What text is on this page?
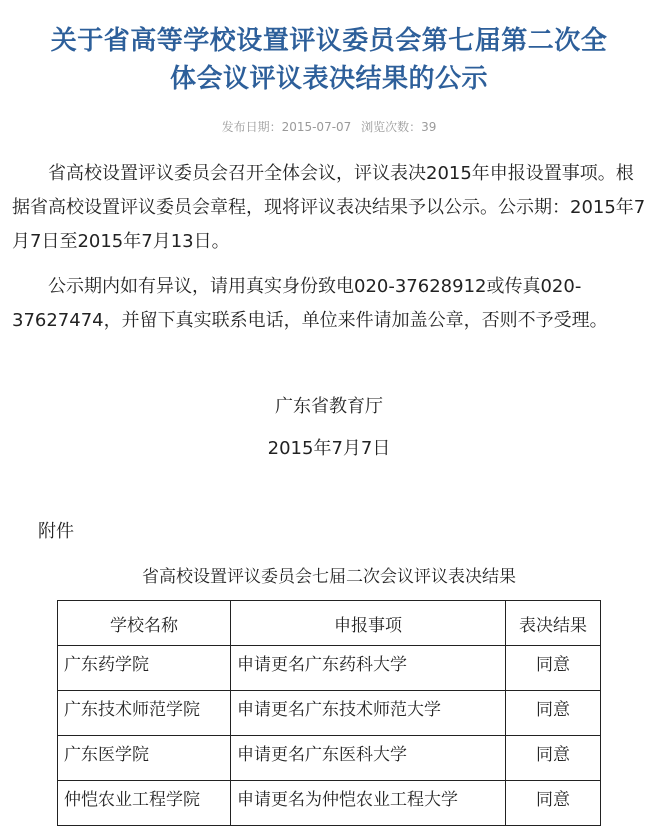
关于省高等学校设置评议委员会第七届第二次全
体会议评议表决结果的公示
发布日期：2015-07-07 浏览次数：39

省高校设置评议委员会召开全体会议，评议表决2015年申报设置事项。根据省高校设置评议委员会章程，现将评议表决结果予以公示。公示期：2015年7月7日至2015年7月13日。

公示期内如有异议，请用真实身份致电020-37628912或传真020-37627474，并留下真实联系电话，单位来件请加盖公章，否则不予受理。

广东省教育厅
2015年7月7日
附件
省高校设置评议委员会七届二次会议评议表决结果
学校名称	申报事项	表决结果
广东药学院	申请更名广东药科大学	同意
广东技术师范学院	申请更名广东技术师范大学	同意
广东医学院	申请更名广东医科大学	同意
仲恺农业工程学院	申请更名为仲恺农业工程大学	同意
